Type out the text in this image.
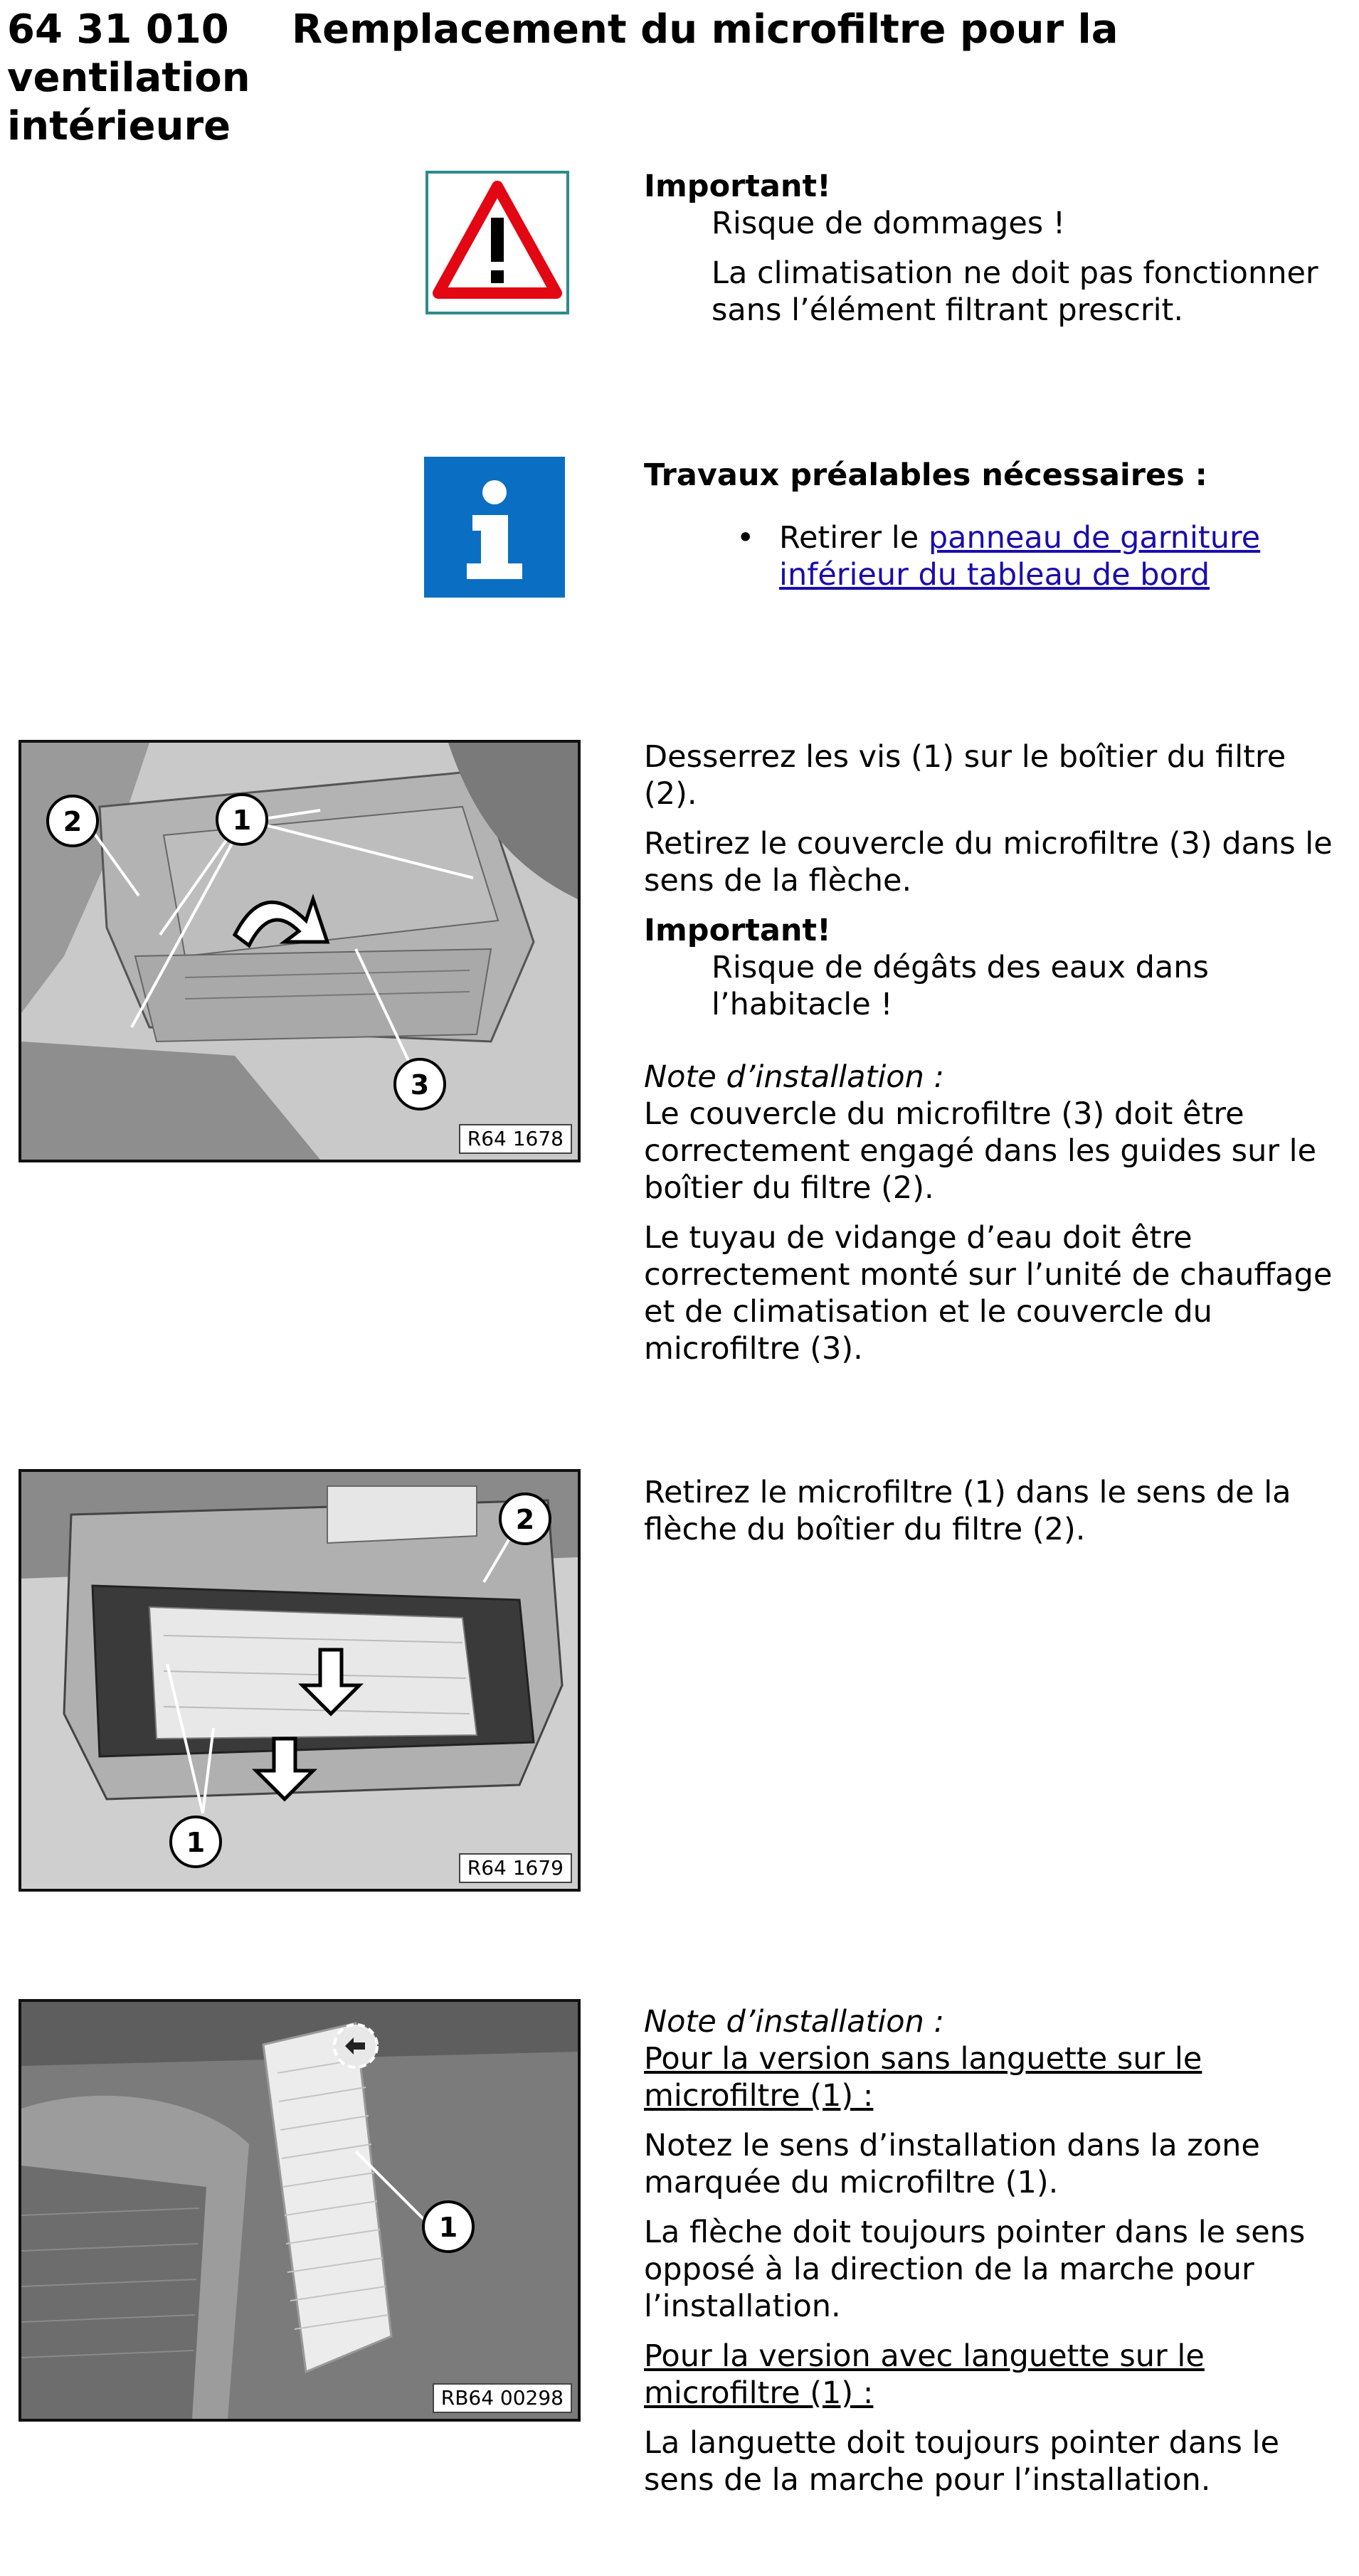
64 31 010 Remplacement du microfiltre pour la ventilation
intérieure
Important!

Risque de dommages !

La climatisation ne doit pas fonctionner sans l’élément filtrant prescrit.

Travaux préalables nécessaires :
• Retirer le panneau de garniture inférieur du tableau de bord
1
2
3
R64 1678

Desserrez les vis (1) sur le boîtier du filtre (2).

Retirez le couvercle du microfiltre (3) dans le sens de la flèche.

Important!

Risque de dégâts des eaux dans l’habitacle !

Note d’installation :

Le couvercle du microfiltre (3) doit être correctement engagé dans les guides sur le boîtier du filtre (2).

Le tuyau de vidange d’eau doit être correctement monté sur l’unité de chauffage et de climatisation et le couvercle du microfiltre (3).

1
2
R64 1679

Retirez le microfiltre (1) dans le sens de la flèche du boîtier du filtre (2).

1
RB64 00298
Note d’installation :

Pour la version sans languette sur le microfiltre (1) :

Notez le sens d’installation dans la zone marquée du microfiltre (1).

La flèche doit toujours pointer dans le sens opposé à la direction de la marche pour l’installation.

Pour la version avec languette sur le microfiltre (1) :

La languette doit toujours pointer dans le sens de la marche pour l’installation.
